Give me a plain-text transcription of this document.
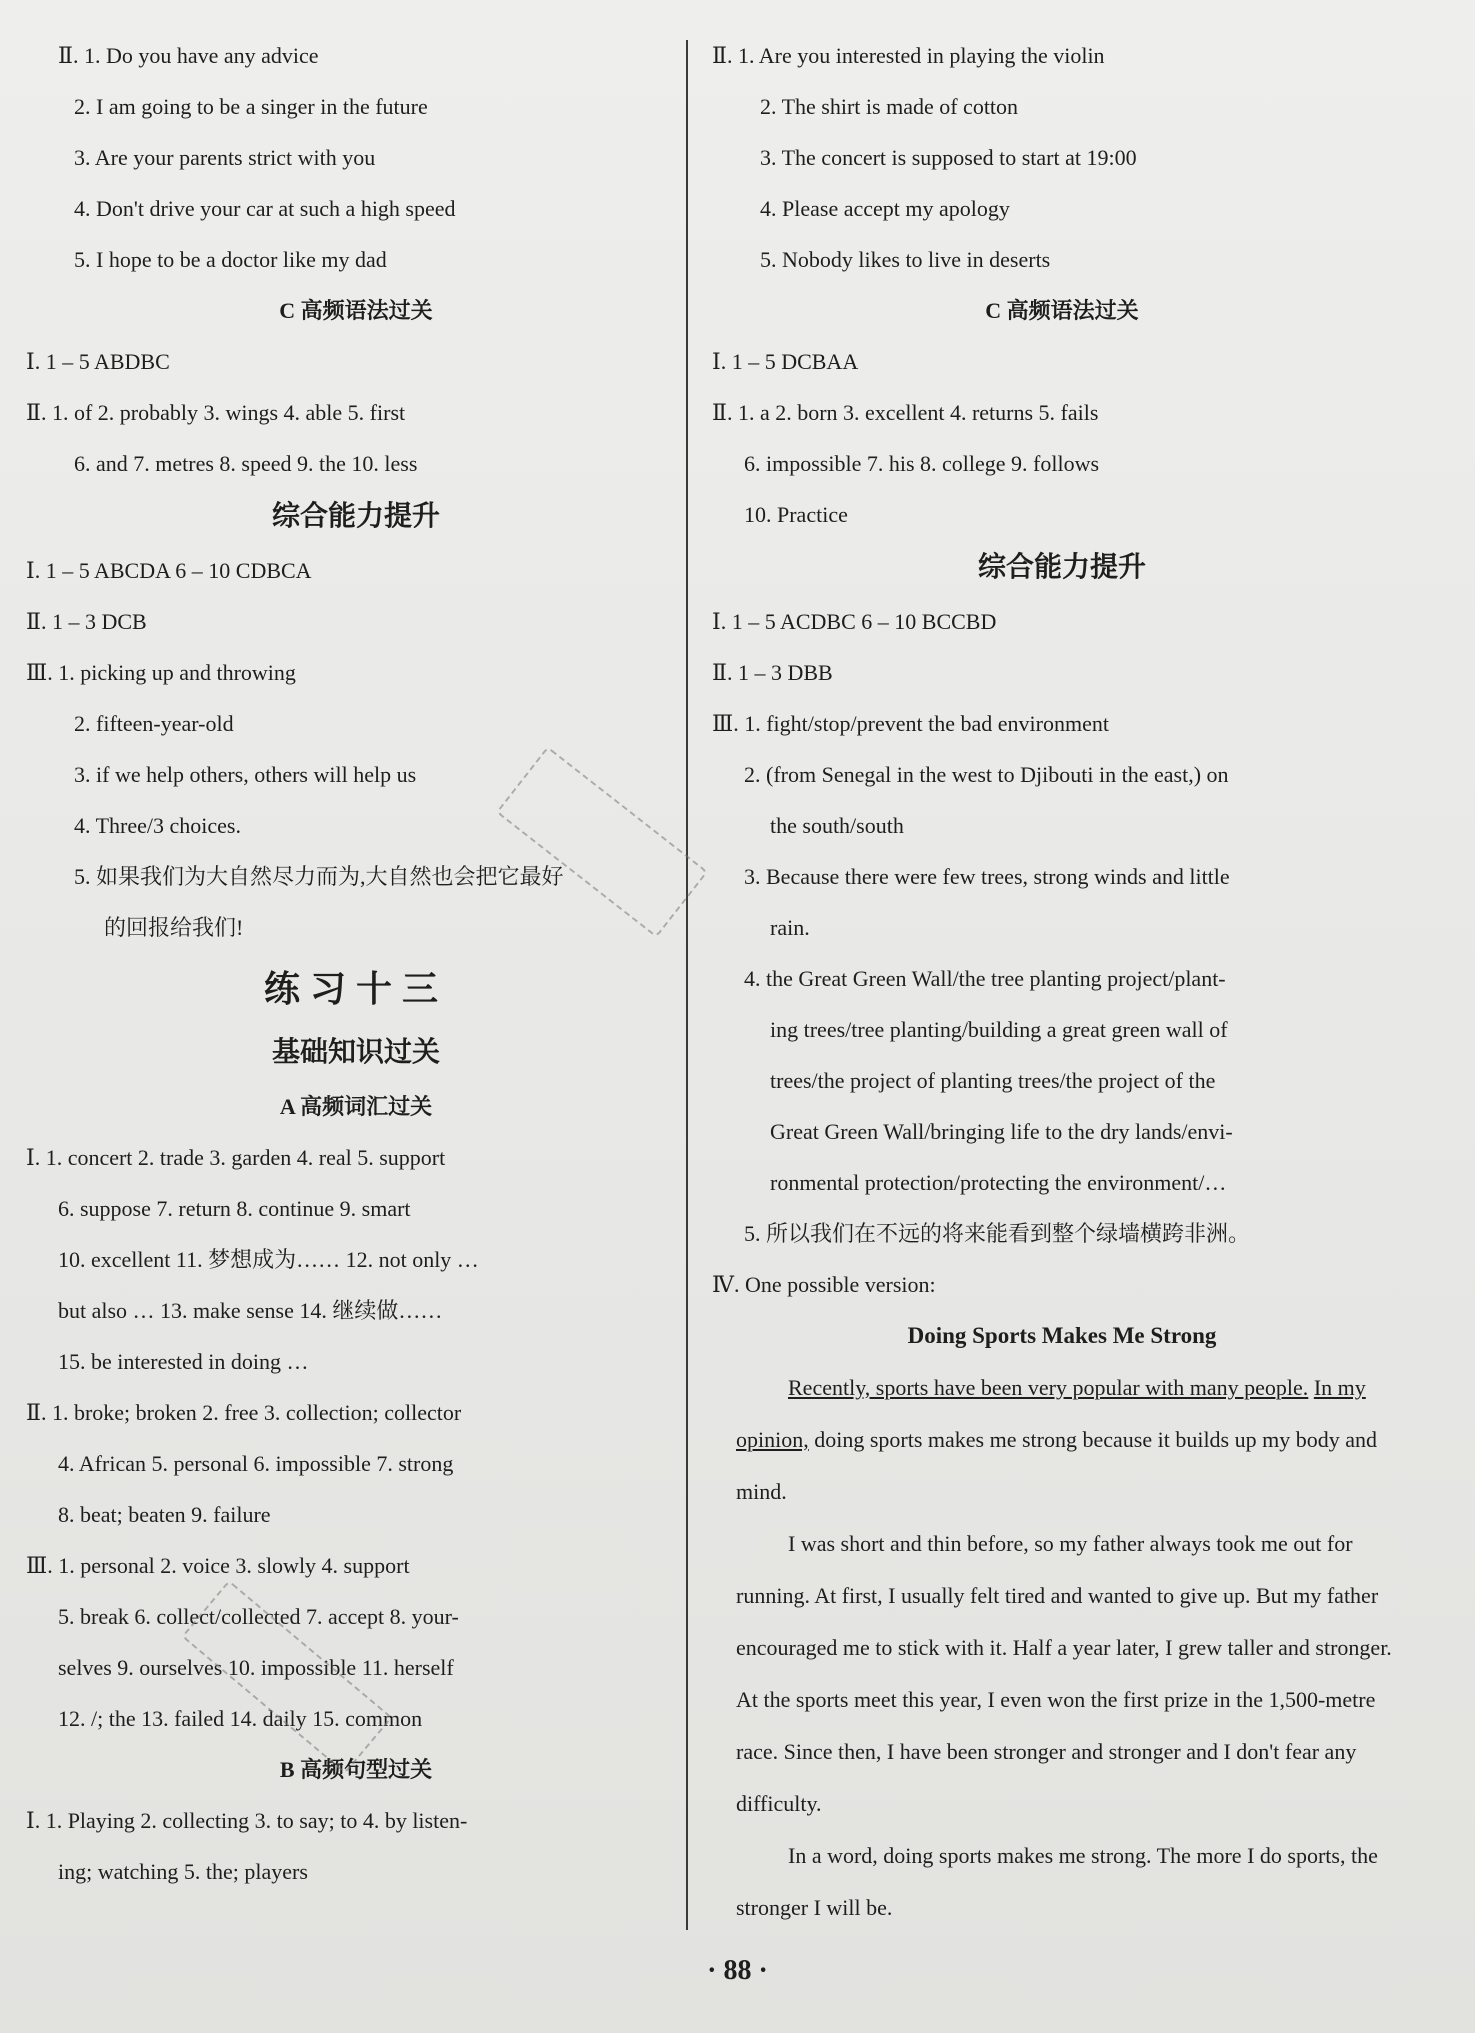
Ⅱ. 1. Do you have any advice
2. I am going to be a singer in the future
3. Are your parents strict with you
4. Don't drive your car at such a high speed
5. I hope to be a doctor like my dad
C 高频语法过关
Ⅰ. 1 – 5 ABDBC
Ⅱ. 1. of 2. probably 3. wings 4. able 5. first
6. and 7. metres 8. speed 9. the 10. less
综合能力提升
Ⅰ. 1 – 5 ABCDA 6 – 10 CDBCA
Ⅱ. 1 – 3 DCB
Ⅲ. 1. picking up and throwing
2. fifteen-year-old
3. if we help others, others will help us
4. Three/3 choices.
5. 如果我们为大自然尽力而为,大自然也会把它最好
的回报给我们!
练习十三
基础知识过关
A 高频词汇过关
Ⅰ. 1. concert 2. trade 3. garden 4. real 5. support
6. suppose 7. return 8. continue 9. smart
10. excellent 11. 梦想成为…… 12. not only …
but also … 13. make sense 14. 继续做……
15. be interested in doing …
Ⅱ. 1. broke; broken 2. free 3. collection; collector
4. African 5. personal 6. impossible 7. strong
8. beat; beaten 9. failure
Ⅲ. 1. personal 2. voice 3. slowly 4. support
5. break 6. collect/collected 7. accept 8. your-
selves 9. ourselves 10. impossible 11. herself
12. /; the 13. failed 14. daily 15. common
B 高频句型过关
Ⅰ. 1. Playing 2. collecting 3. to say; to 4. by listen-
ing; watching 5. the; players
Ⅱ. 1. Are you interested in playing the violin
2. The shirt is made of cotton
3. The concert is supposed to start at 19:00
4. Please accept my apology
5. Nobody likes to live in deserts
C 高频语法过关
Ⅰ. 1 – 5 DCBAA
Ⅱ. 1. a 2. born 3. excellent 4. returns 5. fails
6. impossible 7. his 8. college 9. follows
10. Practice
综合能力提升
Ⅰ. 1 – 5 ACDBC 6 – 10 BCCBD
Ⅱ. 1 – 3 DBB
Ⅲ. 1. fight/stop/prevent the bad environment
2. (from Senegal in the west to Djibouti in the east,) on
the south/south
3. Because there were few trees, strong winds and little
rain.
4. the Great Green Wall/the tree planting project/plant-
ing trees/tree planting/building a great green wall of
trees/the project of planting trees/the project of the
Great Green Wall/bringing life to the dry lands/envi-
ronmental protection/protecting the environment/…
5. 所以我们在不远的将来能看到整个绿墙横跨非洲。
Ⅳ. One possible version:
Doing Sports Makes Me Strong
Recently, sports have been very popular with many people. In my opinion, doing sports makes me strong because it builds up my body and mind.
I was short and thin before, so my father always took me out for running. At first, I usually felt tired and wanted to give up. But my father encouraged me to stick with it. Half a year later, I grew taller and stronger. At the sports meet this year, I even won the first prize in the 1,500-metre race. Since then, I have been stronger and stronger and I don't fear any difficulty.
In a word, doing sports makes me strong. The more I do sports, the stronger I will be.
· 88 ·
